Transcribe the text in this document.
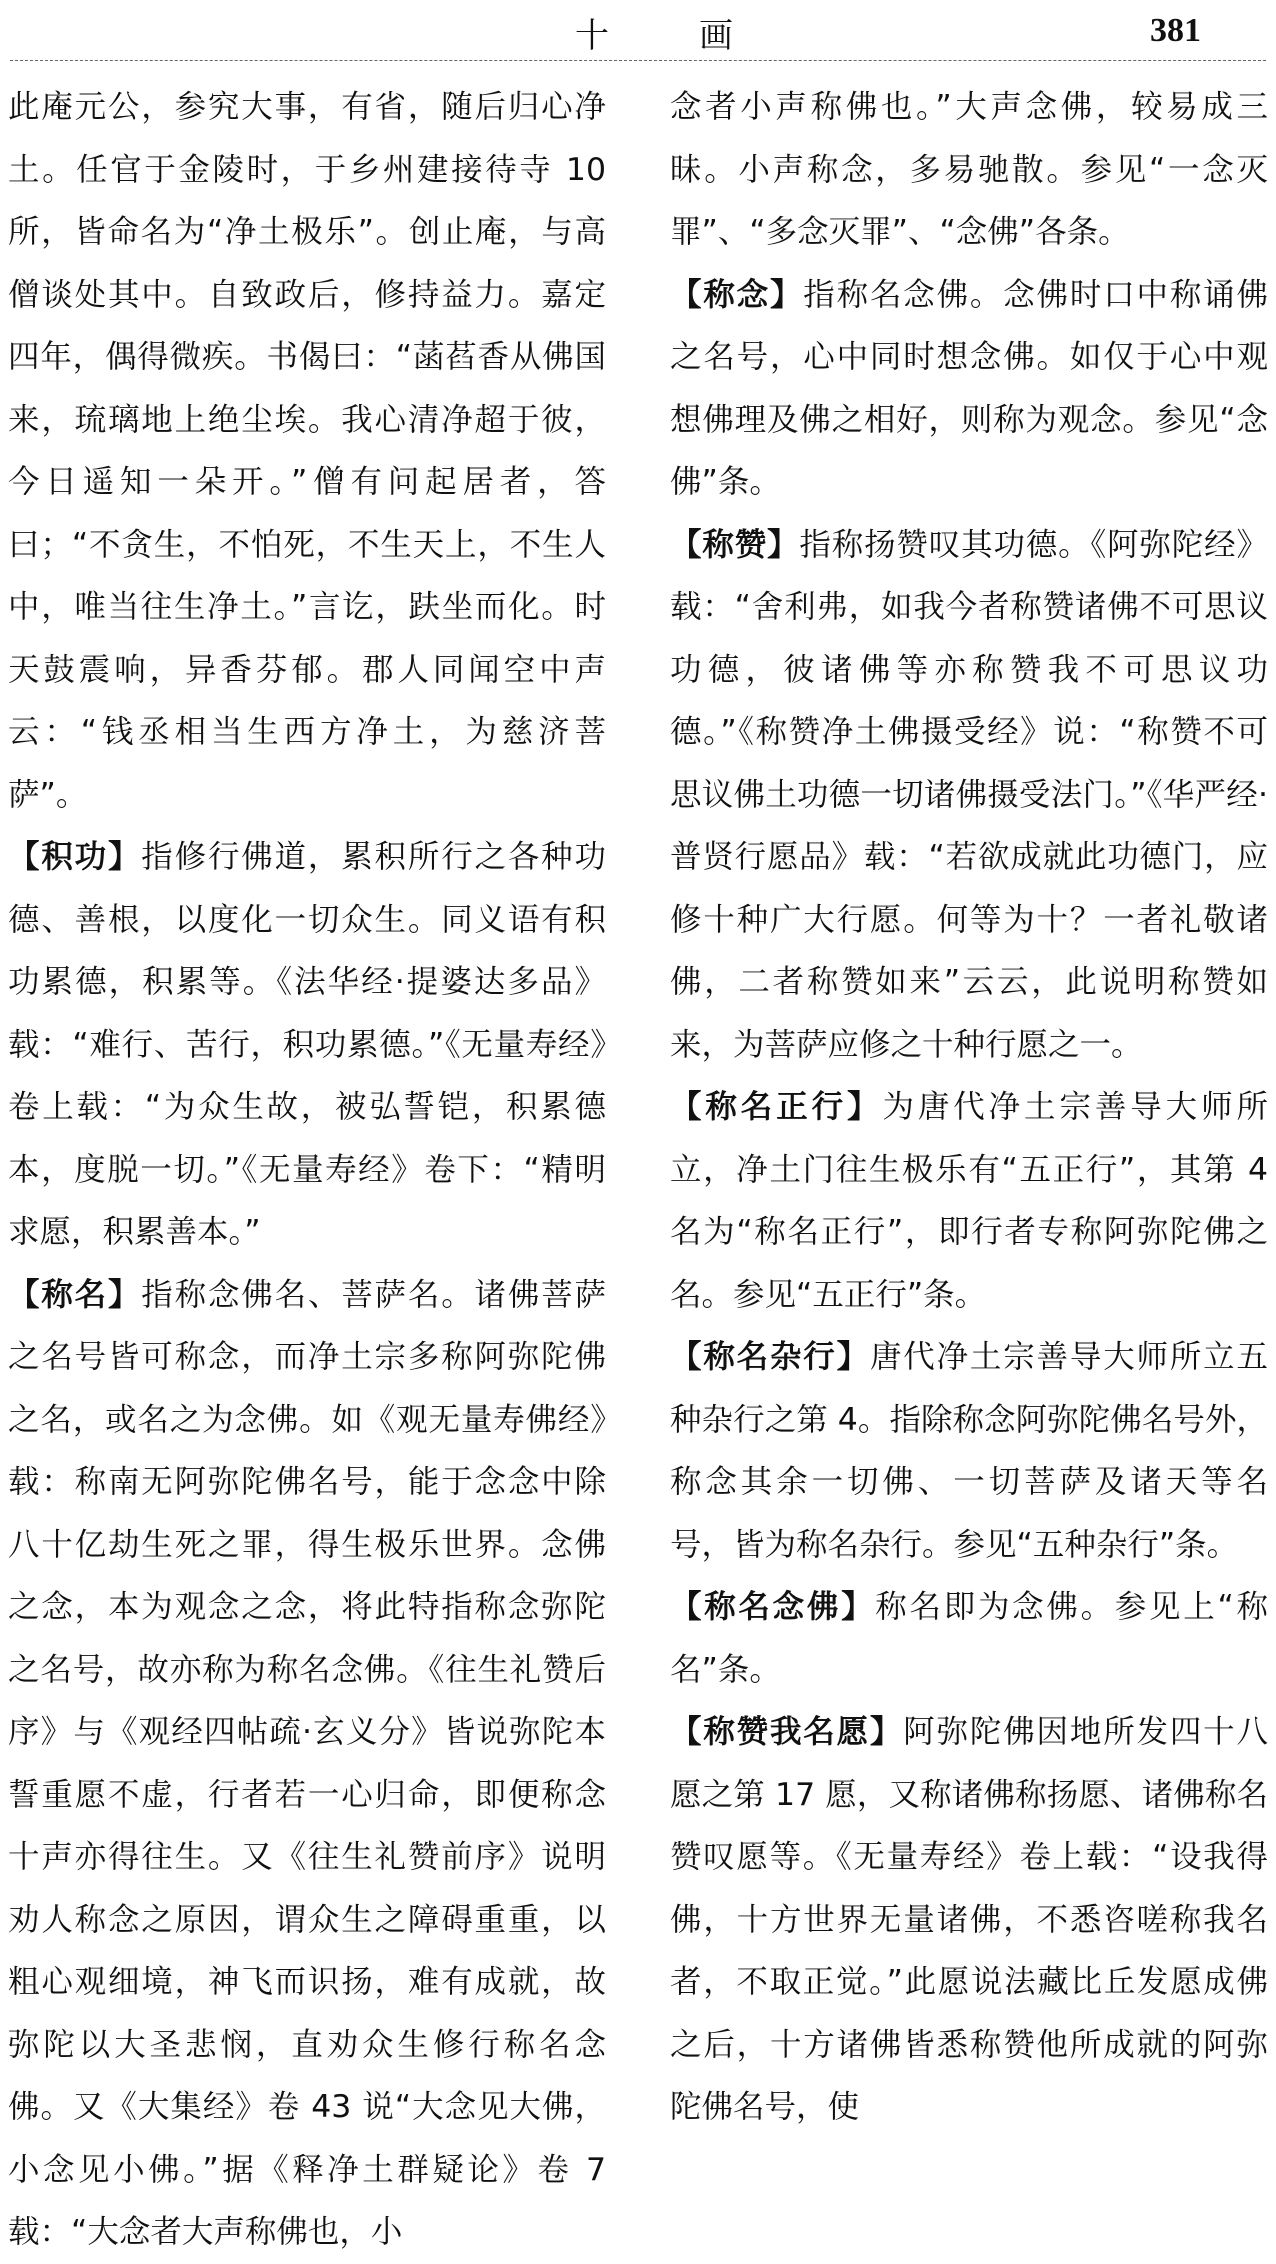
十　画	381

此庵元公，参究大事，有省，随后归心净土。任官于金陵时，于乡州建接待寺 10 所，皆命名为“净土极乐”。创止庵，与高僧谈处其中。自致政后，修持益力。嘉定四年，偶得微疾。书偈曰：“菡萏香从佛国来，琉璃地上绝尘埃。我心清净超于彼，今日遥知一朵开。”僧有问起居者，答曰；“不贪生，不怕死，不生天上，不生人中，唯当往生净土。”言讫，趺坐而化。时天鼓震响，异香芬郁。郡人同闻空中声云：“钱丞相当生西方净土，为慈济菩萨”。

【积功】指修行佛道，累积所行之各种功德、善根，以度化一切众生。同义语有积功累德，积累等。《法华经·提婆达多品》载：“难行、苦行，积功累德。”《无量寿经》卷上载：“为众生故，被弘誓铠，积累德本，度脱一切。”《无量寿经》卷下：“精明求愿，积累善本。”

【称名】指称念佛名、菩萨名。诸佛菩萨之名号皆可称念，而净土宗多称阿弥陀佛之名，或名之为念佛。如《观无量寿佛经》载：称南无阿弥陀佛名号，能于念念中除八十亿劫生死之罪，得生极乐世界。念佛之念，本为观念之念，将此特指称念弥陀之名号，故亦称为称名念佛。《往生礼赞后序》与《观经四帖疏·玄义分》皆说弥陀本誓重愿不虚，行者若一心归命，即便称念十声亦得往生。又《往生礼赞前序》说明劝人称念之原因，谓众生之障碍重重，以粗心观细境，神飞而识扬，难有成就，故弥陀以大圣悲悯，直劝众生修行称名念佛。又《大集经》卷 43 说“大念见大佛，小念见小佛。”据《释净土群疑论》卷 7 载：“大念者大声称佛也，小

念者小声称佛也。”大声念佛，较易成三昧。小声称念，多易驰散。参见“一念灭罪”、“多念灭罪”、“念佛”各条。

【称念】指称名念佛。念佛时口中称诵佛之名号，心中同时想念佛。如仅于心中观想佛理及佛之相好，则称为观念。参见“念佛”条。

【称赞】指称扬赞叹其功德。《阿弥陀经》载：“舍利弗，如我今者称赞诸佛不可思议功德，彼诸佛等亦称赞我不可思议功德。”《称赞净土佛摄受经》说：“称赞不可思议佛土功德一切诸佛摄受法门。”《华严经·普贤行愿品》载：“若欲成就此功德门，应修十种广大行愿。何等为十？一者礼敬诸佛，二者称赞如来”云云，此说明称赞如来，为菩萨应修之十种行愿之一。

【称名正行】为唐代净土宗善导大师所立，净土门往生极乐有“五正行”，其第 4 名为“称名正行”，即行者专称阿弥陀佛之名。参见“五正行”条。

【称名杂行】唐代净土宗善导大师所立五种杂行之第 4。指除称念阿弥陀佛名号外，称念其余一切佛、一切菩萨及诸天等名号，皆为称名杂行。参见“五种杂行”条。

【称名念佛】称名即为念佛。参见上“称名”条。

【称赞我名愿】阿弥陀佛因地所发四十八愿之第 17 愿，又称诸佛称扬愿、诸佛称名赞叹愿等。《无量寿经》卷上载：“设我得佛，十方世界无量诸佛，不悉咨嗟称我名者，不取正觉。”此愿说法藏比丘发愿成佛之后，十方诸佛皆悉称赞他所成就的阿弥陀佛名号，使
